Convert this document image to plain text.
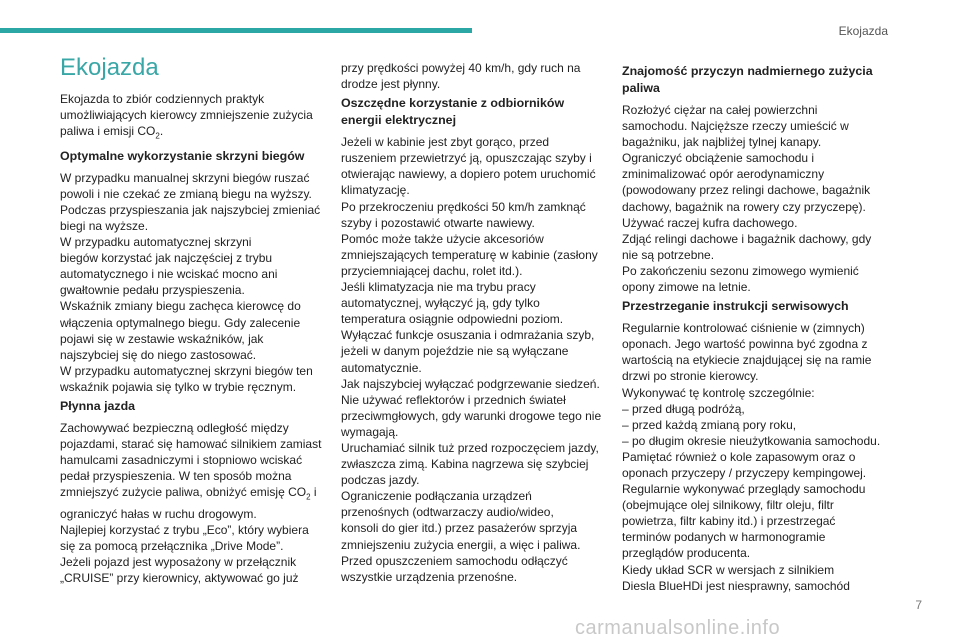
Ekojazda
Ekojazda
Ekojazda to zbiór codziennych praktyk
umożliwiających kierowcy zmniejszenie zużycia
paliwa i emisji $CO_2$.
Optymalne wykorzystanie skrzyni biegów
W przypadku manualnej skrzyni biegów ruszać
powoli i nie czekać ze zmianą biegu na wyższy.
Podczas przyspieszania jak najszybciej zmieniać
biegi na wyższe.
W przypadku automatycznej skrzyni
biegów korzystać jak najczęściej z trybu
automatycznego i nie wciskać mocno ani
gwałtownie pedału przyspieszenia.
Wskaźnik zmiany biegu zachęca kierowcę do
włączenia optymalnego biegu. Gdy zalecenie
pojawi się w zestawie wskaźników, jak
najszybciej się do niego zastosować.
W przypadku automatycznej skrzyni biegów ten
wskaźnik pojawia się tylko w trybie ręcznym.
Płynna jazda
Zachowywać bezpieczną odległość między
pojazdami, starać się hamować silnikiem zamiast
hamulcami zasadniczymi i stopniowo wciskać
pedał przyspieszenia. W ten sposób można
zmniejszyć zużycie paliwa, obniżyć emisję $CO_2$ i
ograniczyć hałas w ruchu drogowym.
Najlepiej korzystać z trybu „Eco”, który wybiera
się za pomocą przełącznika „Drive Mode”.
Jeżeli pojazd jest wyposażony w przełącznik
„CRUISE” przy kierownicy, aktywować go już
przy prędkości powyżej 40 km/h, gdy ruch na
drodze jest płynny.
Oszczędne korzystanie z odbiorników
energii elektrycznej
Jeżeli w kabinie jest zbyt gorąco, przed
ruszeniem przewietrzyć ją, opuszczając szyby i
otwierając nawiewy, a dopiero potem uruchomić
klimatyzację.
Po przekroczeniu prędkości 50 km/h zamknąć
szyby i pozostawić otwarte nawiewy.
Pomóc może także użycie akcesoriów
zmniejszających temperaturę w kabinie (zasłony
przyciemniającej dachu, rolet itd.).
Jeśli klimatyzacja nie ma trybu pracy
automatycznej, wyłączyć ją, gdy tylko
temperatura osiągnie odpowiedni poziom.
Wyłączać funkcje osuszania i odmrażania szyb,
jeżeli w danym pojeździe nie są wyłączane
automatycznie.
Jak najszybciej wyłączać podgrzewanie siedzeń.
Nie używać reflektorów i przednich świateł
przeciwmgłowych, gdy warunki drogowe tego nie
wymagają.
Uruchamiać silnik tuż przed rozpoczęciem jazdy,
zwłaszcza zimą. Kabina nagrzewa się szybciej
podczas jazdy.
Ograniczenie podłączania urządzeń
przenośnych (odtwarzaczy audio/wideo,
konsoli do gier itd.) przez pasażerów sprzyja
zmniejszeniu zużycia energii, a więc i paliwa.
Przed opuszczeniem samochodu odłączyć
wszystkie urządzenia przenośne.
Znajomość przyczyn nadmiernego zużycia
paliwa
Rozłożyć ciężar na całej powierzchni
samochodu. Najcięższe rzeczy umieścić w
bagażniku, jak najbliżej tylnej kanapy.
Ograniczyć obciążenie samochodu i
zminimalizować opór aerodynamiczny
(powodowany przez relingi dachowe, bagażnik
dachowy, bagażnik na rowery czy przyczepę).
Używać raczej kufra dachowego.
Zdjąć relingi dachowe i bagażnik dachowy, gdy
nie są potrzebne.
Po zakończeniu sezonu zimowego wymienić
opony zimowe na letnie.
Przestrzeganie instrukcji serwisowych
Regularnie kontrolować ciśnienie w (zimnych)
oponach. Jego wartość powinna być zgodna z
wartością na etykiecie znajdującej się na ramie
drzwi po stronie kierowcy.
Wykonywać tę kontrolę szczególnie:
– przed długą podróżą,
– przed każdą zmianą pory roku,
– po długim okresie nieużytkowania samochodu.
Pamiętać również o kole zapasowym oraz o
oponach przyczepy / przyczepy kempingowej.
Regularnie wykonywać przeglądy samochodu
(obejmujące olej silnikowy, filtr oleju, filtr
powietrza, filtr kabiny itd.) i przestrzegać
terminów podanych w harmonogramie
przeglądów producenta.
Kiedy układ SCR w wersjach z silnikiem
Diesla BlueHDi jest niesprawny, samochód
carmanualsonline.info
7
